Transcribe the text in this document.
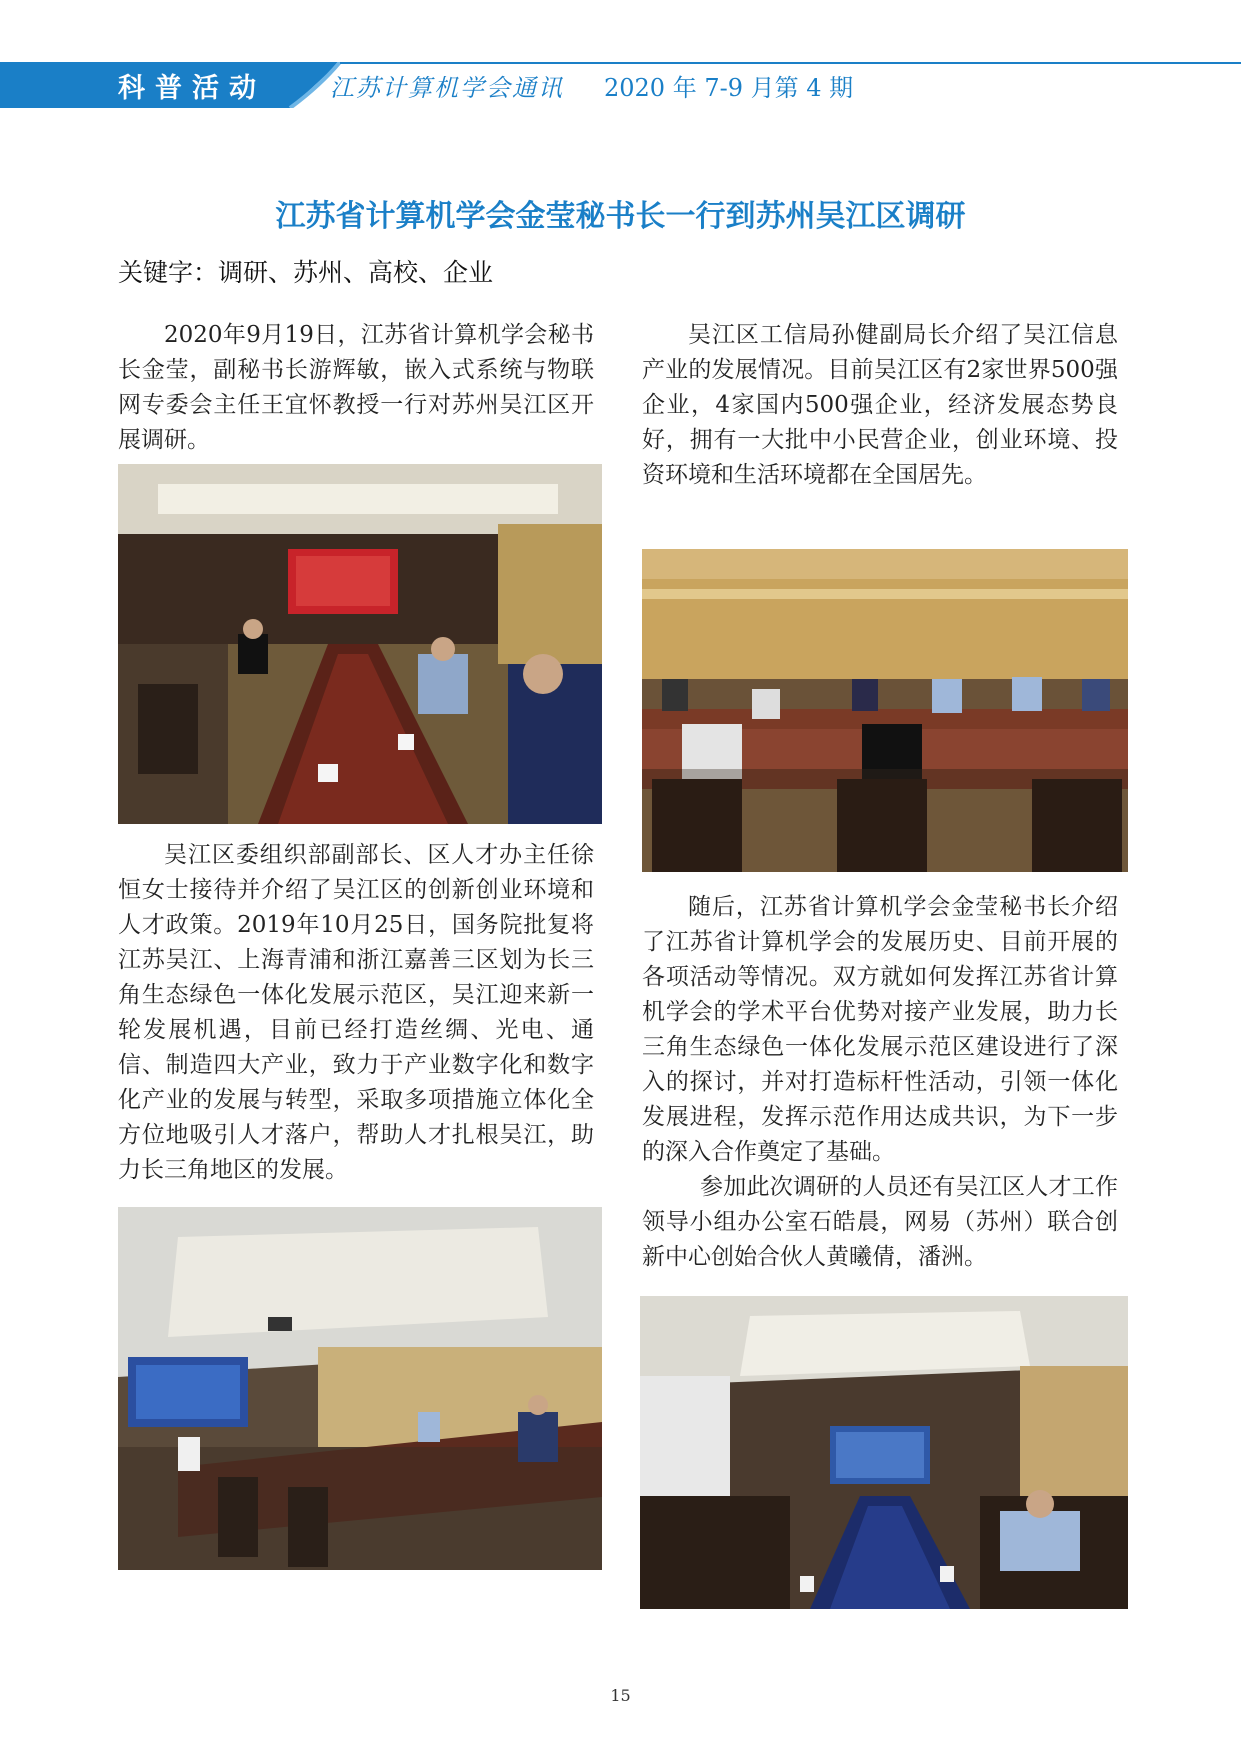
科普活动	江苏计算机学会通讯 2020 年 7-9 月第 4 期
江苏省计算机学会金莹秘书长一行到苏州吴江区调研
关键字：调研、苏州、高校、企业

2020年9月19日，江苏省计算机学会秘书长金莹，副秘书长游辉敏，嵌入式系统与物联网专委会主任王宜怀教授一行对苏州吴江区开展调研。

吴江区委组织部副部长、区人才办主任徐恒女士接待并介绍了吴江区的创新创业环境和人才政策。2019年10月25日，国务院批复将江苏吴江、上海青浦和浙江嘉善三区划为长三角生态绿色一体化发展示范区，吴江迎来新一轮发展机遇，目前已经打造丝绸、光电、通信、制造四大产业，致力于产业数字化和数字化产业的发展与转型，采取多项措施立体化全方位地吸引人才落户，帮助人才扎根吴江，助力长三角地区的发展。

吴江区工信局孙健副局长介绍了吴江信息产业的发展情况。目前吴江区有2家世界500强企业，4家国内500强企业，经济发展态势良好，拥有一大批中小民营企业，创业环境、投资环境和生活环境都在全国居先。

随后，江苏省计算机学会金莹秘书长介绍了江苏省计算机学会的发展历史、目前开展的各项活动等情况。双方就如何发挥江苏省计算机学会的学术平台优势对接产业发展，助力长三角生态绿色一体化发展示范区建设进行了深入的探讨，并对打造标杆性活动，引领一体化发展进程，发挥示范作用达成共识，为下一步的深入合作奠定了基础。

参加此次调研的人员还有吴江区人才工作领导小组办公室石皓晨，网易（苏州）联合创新中心创始合伙人黄曦倩，潘洲。

15
